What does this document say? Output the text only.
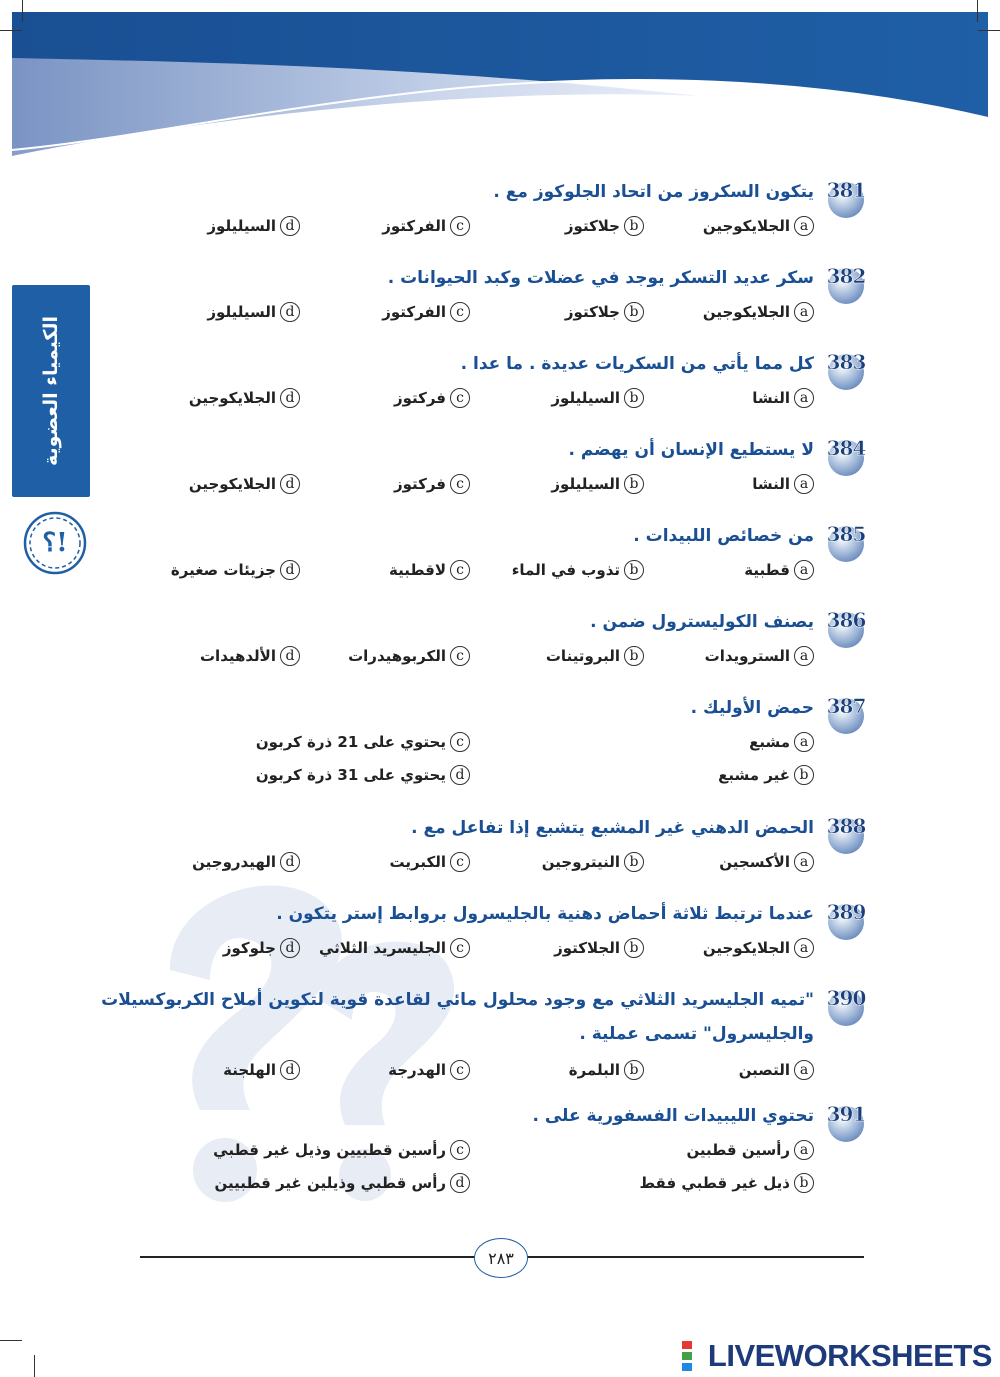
الكيمياء العضوية
؟!
381
يتكون السكروز من اتحاد الجلوكوز مع .
a
الجلايكوجين
b
جلاكتوز
c
الفركتوز
d
السيليلوز
382
سكر عديد التسكر يوجد في عضلات وكبد الحيوانات .
a
الجلايكوجين
b
جلاكتوز
c
الفركتوز
d
السيليلوز
383
كل مما يأتي من السكريات عديدة . ما عدا .
a
النشا
b
السيليلوز
c
فركتوز
d
الجلايكوجين
384
لا يستطيع الإنسان أن يهضم .
a
النشا
b
السيليلوز
c
فركتوز
d
الجلايكوجين
385
من خصائص اللبيدات .
a
قطبية
b
تذوب في الماء
c
لاقطبية
d
جزيئات صغيرة
386
يصنف الكوليسترول ضمن .
a
السترويدات
b
البروتينات
c
الكربوهيدرات
d
الألدهيدات
387
حمض الأوليك .
a
مشبع
b
غير مشبع
c
يحتوي على 21 ذرة كربون
d
يحتوي على 31 ذرة كربون
388
الحمض الدهني غير المشبع يتشبع إذا تفاعل مع .
a
الأكسجين
b
النيتروجين
c
الكبريت
d
الهيدروجين
389
عندما ترتبط ثلاثة أحماض دهنية بالجليسرول بروابط إستر يتكون .
a
الجلايكوجين
b
الجلاكتوز
c
الجليسريد الثلاثي
d
جلوكوز
390
"تميه الجليسريد الثلاثي مع وجود محلول مائي لقاعدة قوية لتكوين أملاح الكربوكسيلات
والجليسرول" تسمى عملية .
a
التصبن
b
البلمرة
c
الهدرجة
d
الهلجنة
391
تحتوي الليبيدات الفسفورية على .
a
رأسين قطبين
b
ذيل غير قطبي فقط
c
رأسين قطبيين وذيل غير قطبي
d
رأس قطبي وذيلين غير قطبيين
٢٨٣
LIVEWORKSHEETS
